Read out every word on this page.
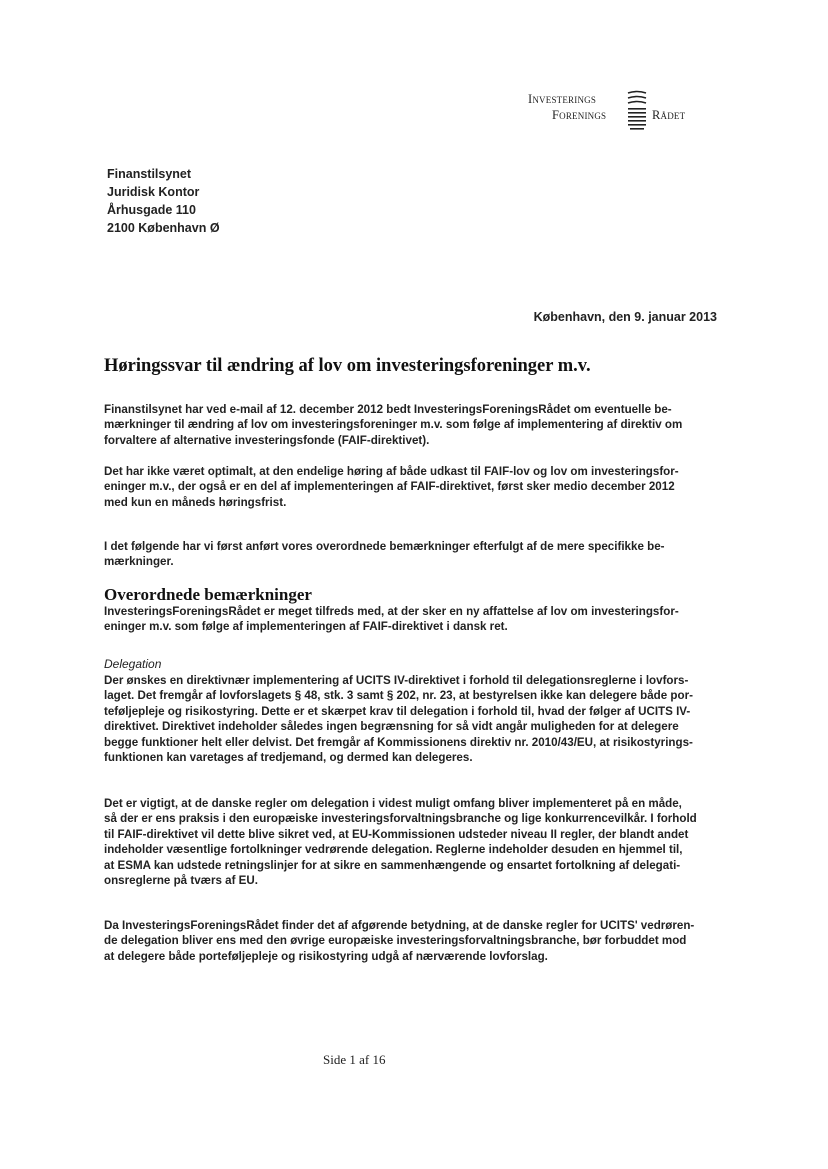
Investerings
Forenings	Rådet
Finanstilsynet
Juridisk Kontor
Århusgade 110
2100 København Ø
København, den 9. januar 2013
Høringssvar til ændring af lov om investeringsforeninger m.v.
Finanstilsynet har ved e-mail af 12. december 2012 bedt InvesteringsForeningsRådet om eventuelle be-
mærkninger til ændring af lov om investeringsforeninger m.v. som følge af implementering af direktiv om
forvaltere af alternative investeringsfonde (FAIF-direktivet).
Det har ikke været optimalt, at den endelige høring af både udkast til FAIF-lov og lov om investeringsfor-
eninger m.v., der også er en del af implementeringen af FAIF-direktivet, først sker medio december 2012
med kun en måneds høringsfrist.
I det følgende har vi først anført vores overordnede bemærkninger efterfulgt af de mere specifikke be-
mærkninger.
Overordnede bemærkninger
InvesteringsForeningsRådet er meget tilfreds med, at der sker en ny affattelse af lov om investeringsfor-
eninger m.v. som følge af implementeringen af FAIF-direktivet i dansk ret.
Delegation
Der ønskes en direktivnær implementering af UCITS IV-direktivet i forhold til delegationsreglerne i lovfors-
laget. Det fremgår af lovforslagets § 48, stk. 3 samt § 202, nr. 23, at bestyrelsen ikke kan delegere både por-
teføljepleje og risikostyring. Dette er et skærpet krav til delegation i forhold til, hvad der følger af UCITS IV-
direktivet. Direktivet indeholder således ingen begrænsning for så vidt angår muligheden for at delegere
begge funktioner helt eller delvist. Det fremgår af Kommissionens direktiv nr. 2010/43/EU, at risikostyrings-
funktionen kan varetages af tredjemand, og dermed kan delegeres.
Det er vigtigt, at de danske regler om delegation i videst muligt omfang bliver implementeret på en måde,
så der er ens praksis i den europæiske investeringsforvaltningsbranche og lige konkurrencevilkår. I forhold
til FAIF-direktivet vil dette blive sikret ved, at EU-Kommissionen udsteder niveau II regler, der blandt andet
indeholder væsentlige fortolkninger vedrørende delegation. Reglerne indeholder desuden en hjemmel til,
at ESMA kan udstede retningslinjer for at sikre en sammenhængende og ensartet fortolkning af delegati-
onsreglerne på tværs af EU.
Da InvesteringsForeningsRådet finder det af afgørende betydning, at de danske regler for UCITS' vedrøren-
de delegation bliver ens med den øvrige europæiske investeringsforvaltningsbranche, bør forbuddet mod
at delegere både porteføljepleje og risikostyring udgå af nærværende lovforslag.
Side 1 af 16
